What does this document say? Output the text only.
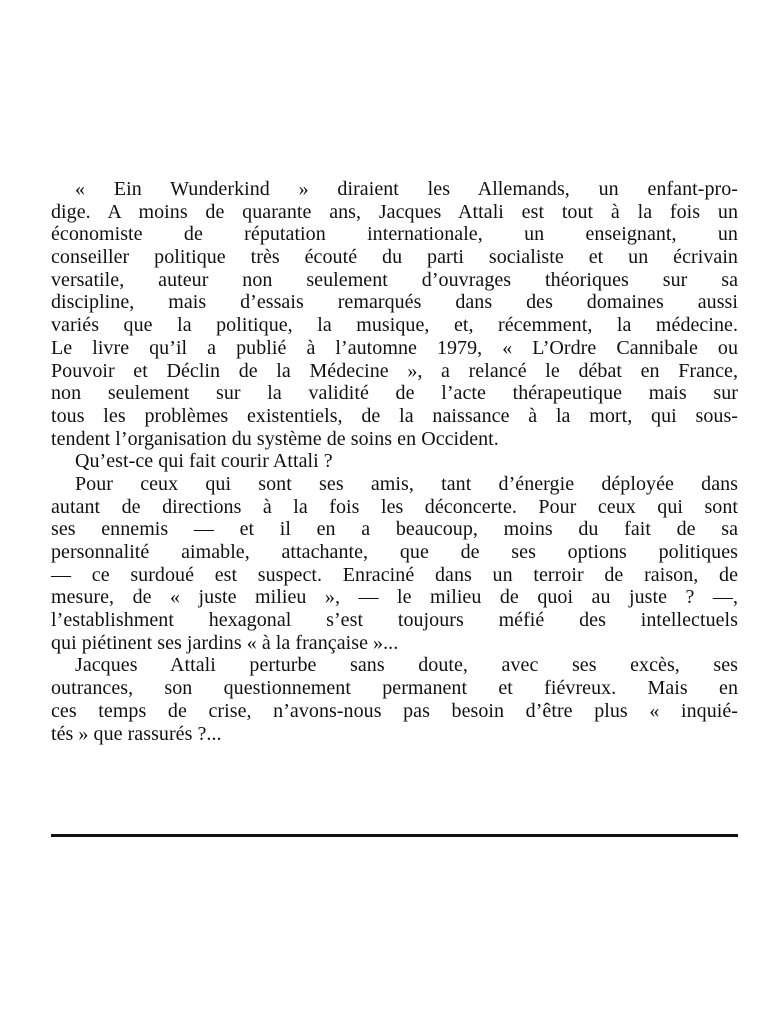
« Ein Wunderkind » diraient les Allemands, un enfant-pro-
dige. A moins de quarante ans, Jacques Attali est tout à la fois un
économiste de réputation internationale, un enseignant, un
conseiller politique très écouté du parti socialiste et un écrivain
versatile, auteur non seulement d’ouvrages théoriques sur sa
discipline, mais d’essais remarqués dans des domaines aussi
variés que la politique, la musique, et, récemment, la médecine.
Le livre qu’il a publié à l’automne 1979, « L’Ordre Cannibale ou
Pouvoir et Déclin de la Médecine », a relancé le débat en France,
non seulement sur la validité de l’acte thérapeutique mais sur
tous les problèmes existentiels, de la naissance à la mort, qui sous-
tendent l’organisation du système de soins en Occident.
Qu’est-ce qui fait courir Attali ?
Pour ceux qui sont ses amis, tant d’énergie déployée dans
autant de directions à la fois les déconcerte. Pour ceux qui sont
ses ennemis — et il en a beaucoup, moins du fait de sa
personnalité aimable, attachante, que de ses options politiques
— ce surdoué est suspect. Enraciné dans un terroir de raison, de
mesure, de « juste milieu », — le milieu de quoi au juste ? —,
l’establishment hexagonal s’est toujours méfié des intellectuels
qui piétinent ses jardins « à la française »...
Jacques Attali perturbe sans doute, avec ses excès, ses
outrances, son questionnement permanent et fiévreux. Mais en
ces temps de crise, n’avons-nous pas besoin d’être plus « inquié-
tés » que rassurés ?...
